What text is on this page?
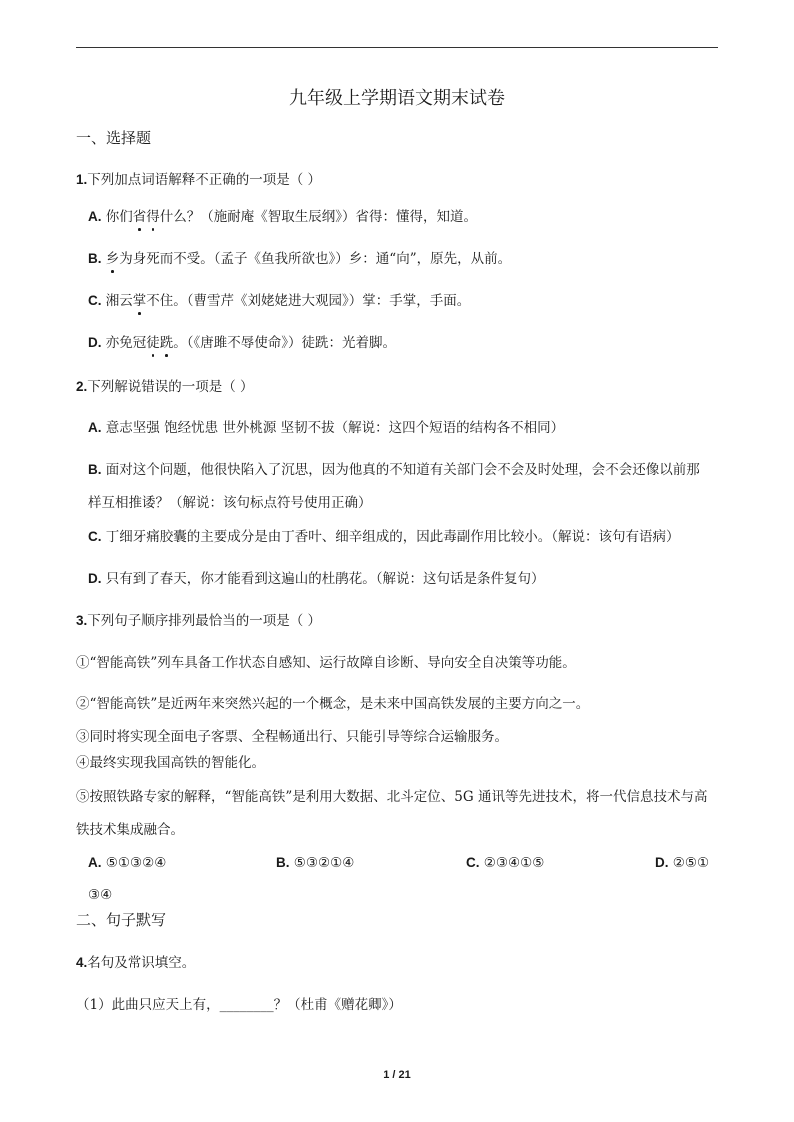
九年级上学期语文期末试卷
一、选择题
1.下列加点词语解释不正确的一项是（ ）
A. 你们省得什么？（施耐庵《智取生辰纲》）省得：懂得，知道。
B. 乡为身死而不受。（孟子《鱼我所欲也》）乡：通“向”，原先，从前。
C. 湘云掌不住。（曹雪芹《刘姥姥进大观园》）掌：手掌，手面。
D. 亦免冠徒跣。（《唐雎不辱使命》）徒跣：光着脚。
2.下列解说错误的一项是（ ）
A. 意志坚强 饱经忧患 世外桃源 坚韧不拔（解说：这四个短语的结构各不相同）
B. 面对这个问题，他很快陷入了沉思，因为他真的不知道有关部门会不会及时处理，会不会还像以前那
样互相推诿？（解说：该句标点符号使用正确）
C. 丁细牙痛胶囊的主要成分是由丁香叶、细辛组成的，因此毒副作用比较小。（解说：该句有语病）
D. 只有到了春天，你才能看到这遍山的杜鹃花。（解说：这句话是条件复句）
3.下列句子顺序排列最恰当的一项是（ ）
①“智能高铁”列车具备工作状态自感知、运行故障自诊断、导向安全自决策等功能。
②“智能高铁”是近两年来突然兴起的一个概念，是未来中国高铁发展的主要方向之一。
③同时将实现全面电子客票、全程畅通出行、只能引导等综合运输服务。
④最终实现我国高铁的智能化。
⑤按照铁路专家的解释，“智能高铁”是利用大数据、北斗定位、5G 通讯等先进技术，将一代信息技术与高
铁技术集成融合。
A. ⑤①③②④	B. ⑤③②①④	C. ②③④①⑤	D. ②⑤①
③④
二、句子默写
4.名句及常识填空。
（1）此曲只应天上有，________？（杜甫《赠花卿》）
1 / 21
